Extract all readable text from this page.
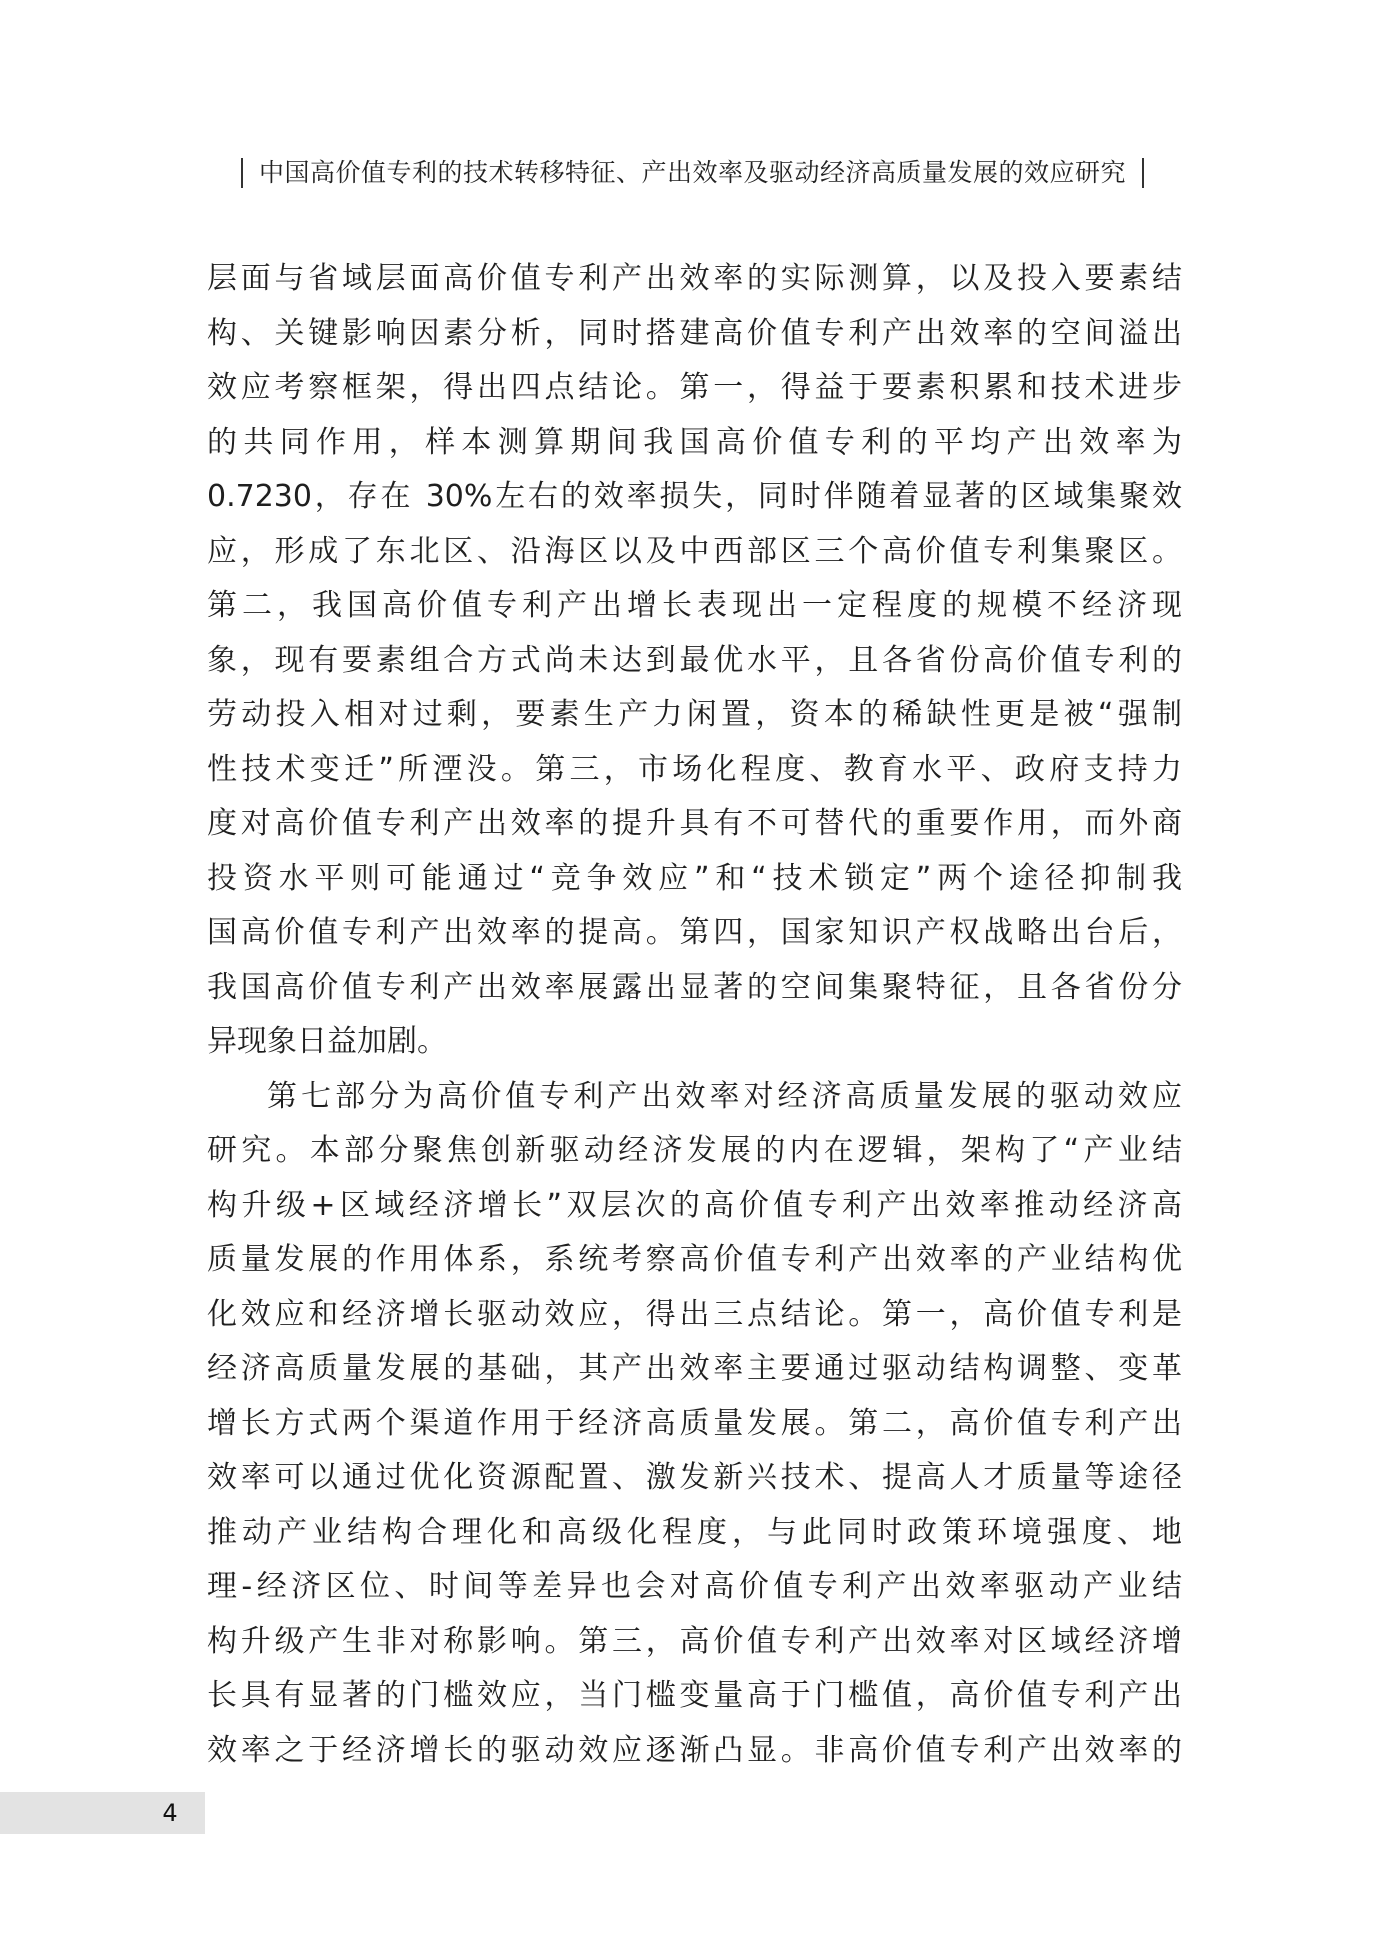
中国高价值专利的技术转移特征、产出效率及驱动经济高质量发展的效应研究
层面与省域层面高价值专利产出效率的实际测算，以及投入要素结
构、关键影响因素分析，同时搭建高价值专利产出效率的空间溢出
效应考察框架，得出四点结论。第一，得益于要素积累和技术进步
的共同作用，样本测算期间我国高价值专利的平均产出效率为
0.7230，存在 30%左右的效率损失，同时伴随着显著的区域集聚效
应，形成了东北区、沿海区以及中西部区三个高价值专利集聚区。
第二，我国高价值专利产出增长表现出一定程度的规模不经济现
象，现有要素组合方式尚未达到最优水平，且各省份高价值专利的
劳动投入相对过剩，要素生产力闲置，资本的稀缺性更是被“强制
性技术变迁”所湮没。第三，市场化程度、教育水平、政府支持力
度对高价值专利产出效率的提升具有不可替代的重要作用，而外商
投资水平则可能通过“竞争效应”和“技术锁定”两个途径抑制我
国高价值专利产出效率的提高。第四，国家知识产权战略出台后，
我国高价值专利产出效率展露出显著的空间集聚特征，且各省份分
异现象日益加剧。
第七部分为高价值专利产出效率对经济高质量发展的驱动效应
研究。本部分聚焦创新驱动经济发展的内在逻辑，架构了“产业结
构升级+区域经济增长”双层次的高价值专利产出效率推动经济高
质量发展的作用体系，系统考察高价值专利产出效率的产业结构优
化效应和经济增长驱动效应，得出三点结论。第一，高价值专利是
经济高质量发展的基础，其产出效率主要通过驱动结构调整、变革
增长方式两个渠道作用于经济高质量发展。第二，高价值专利产出
效率可以通过优化资源配置、激发新兴技术、提高人才质量等途径
推动产业结构合理化和高级化程度，与此同时政策环境强度、地
理-经济区位、时间等差异也会对高价值专利产出效率驱动产业结
构升级产生非对称影响。第三，高价值专利产出效率对区域经济增
长具有显著的门槛效应，当门槛变量高于门槛值，高价值专利产出
效率之于经济增长的驱动效应逐渐凸显。非高价值专利产出效率的
4
